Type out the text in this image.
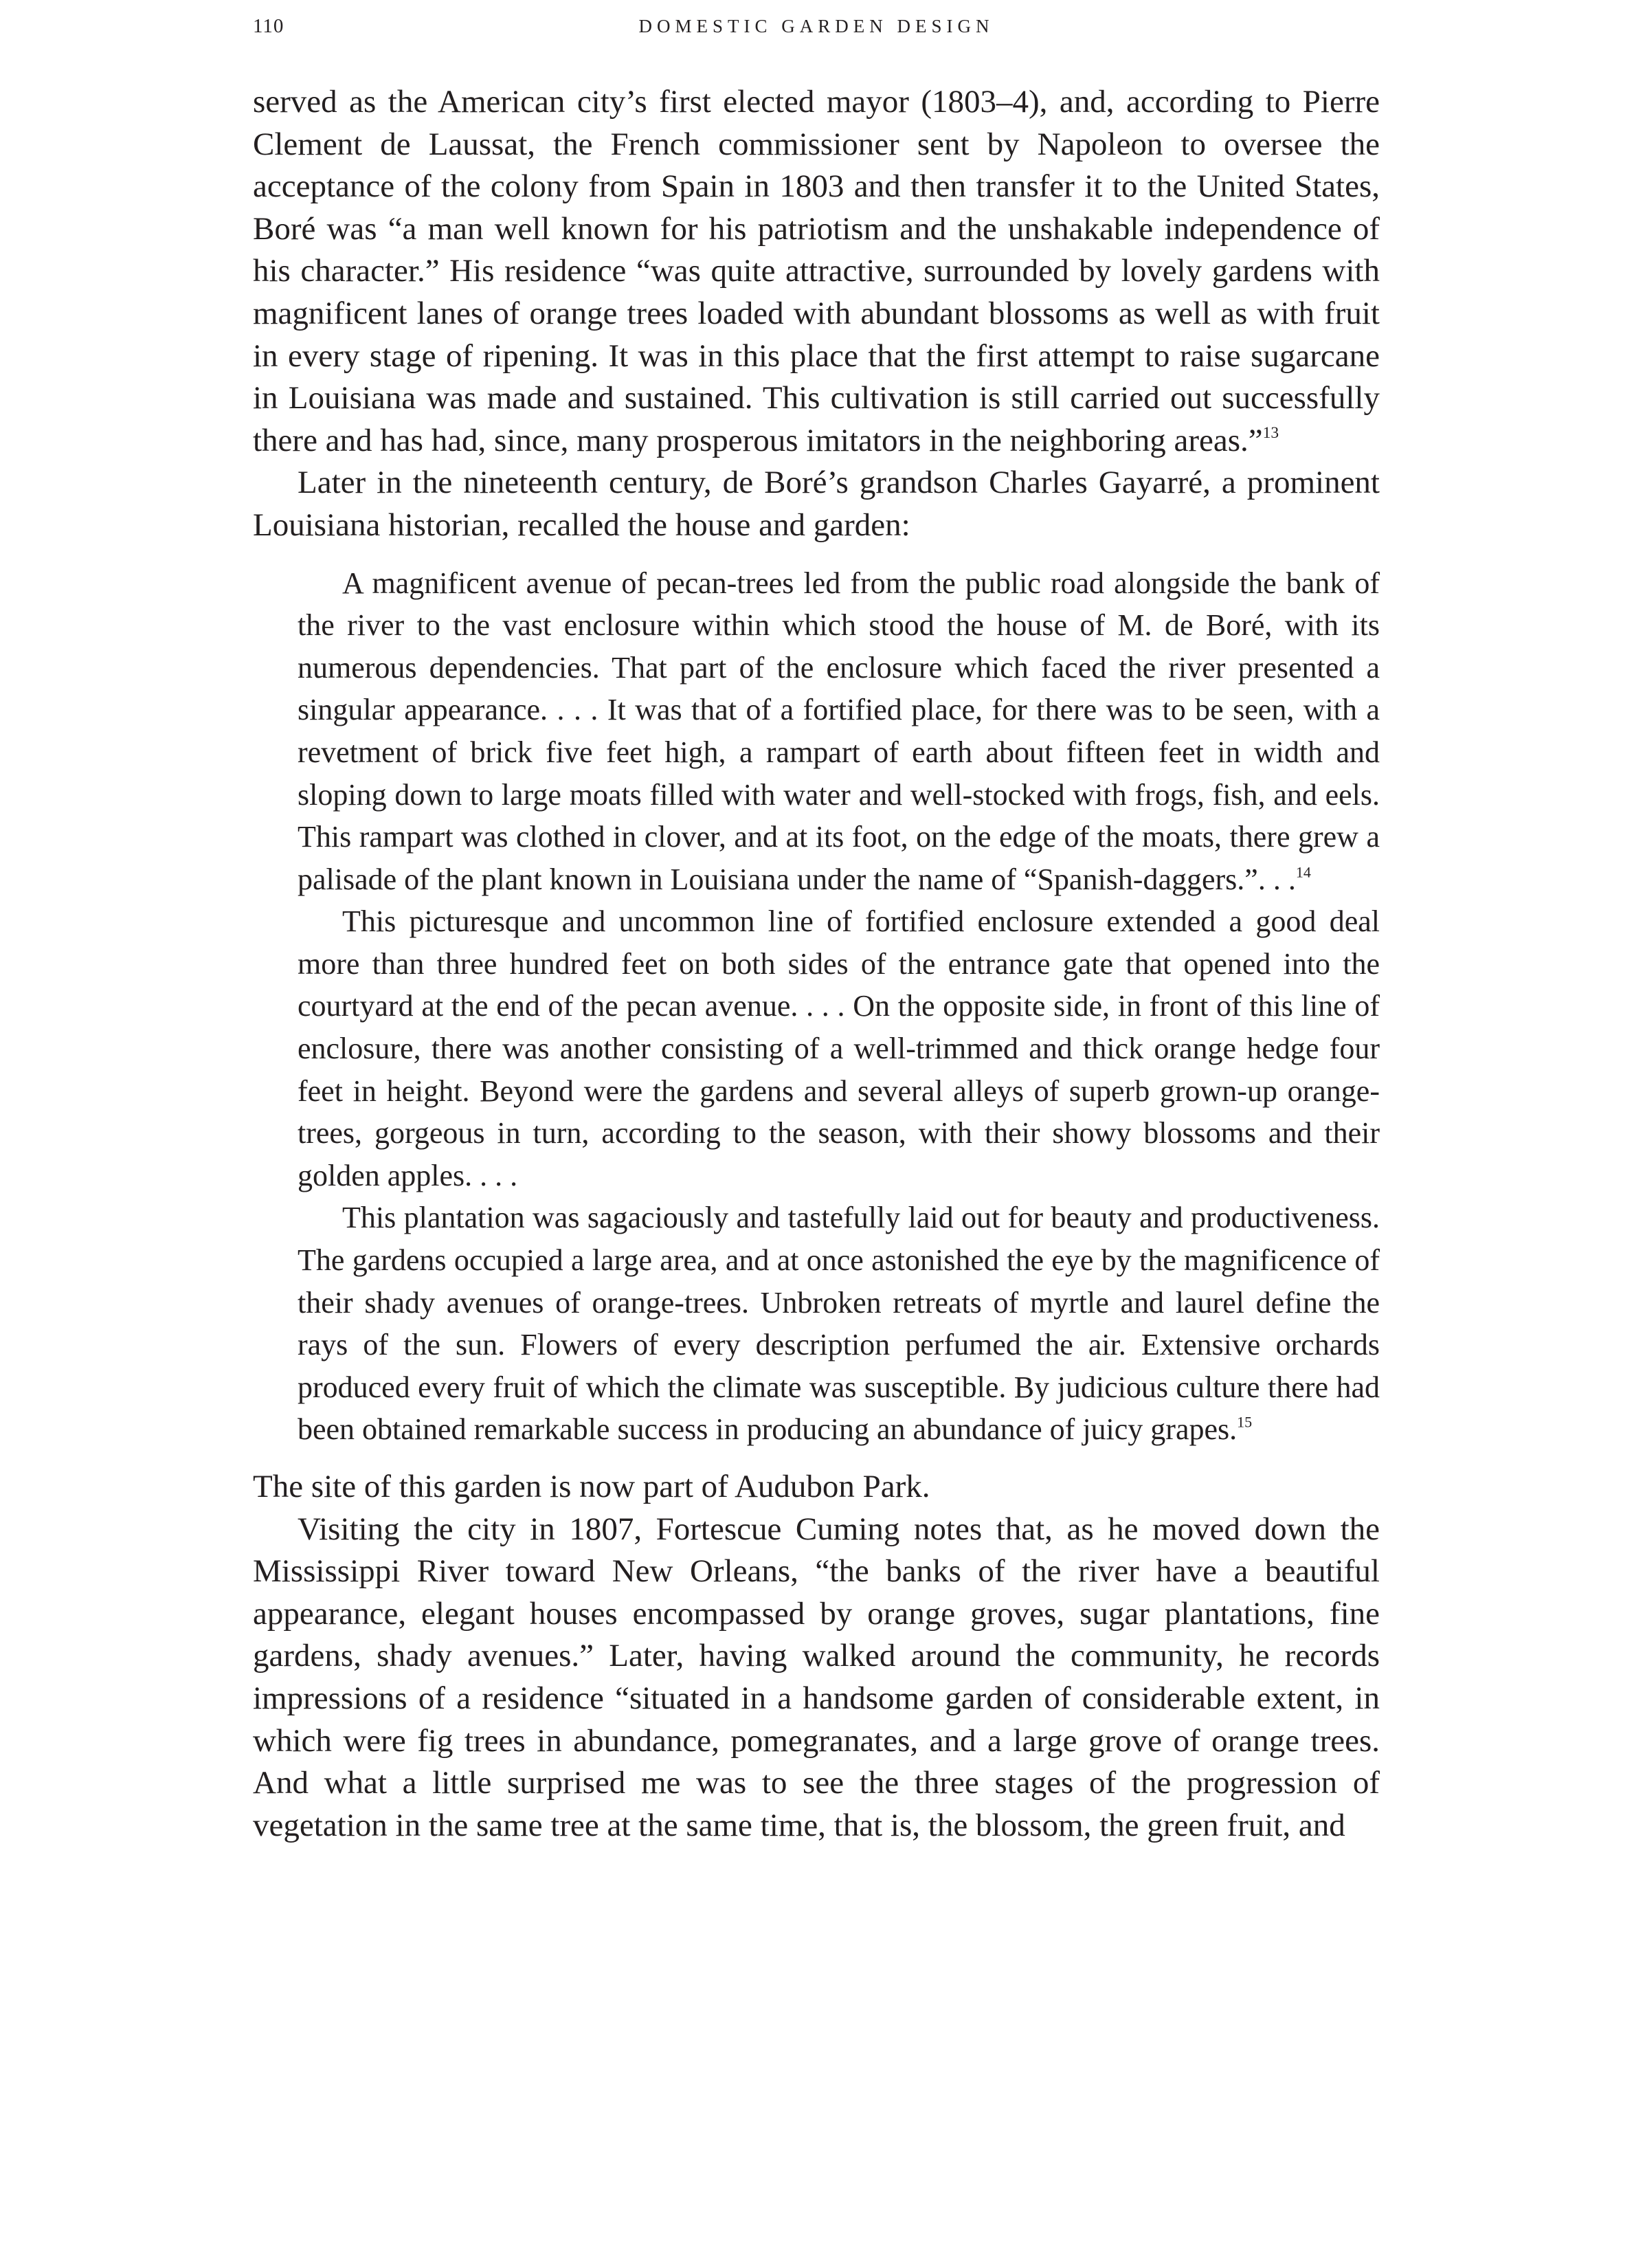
110	DOMESTIC GARDEN DESIGN

served as the American city’s first elected mayor (1803–4), and, according to Pierre Clement de Laussat, the French commissioner sent by Napoleon to oversee the acceptance of the colony from Spain in 1803 and then transfer it to the United States, Boré was “a man well known for his patriotism and the unshakable independence of his character.” His residence “was quite attractive, surrounded by lovely gardens with magnificent lanes of orange trees loaded with abundant blossoms as well as with fruit in every stage of ripening. It was in this place that the first attempt to raise sugarcane in Louisiana was made and sustained. This cultivation is still carried out successfully there and has had, since, many prosperous imitators in the neighboring areas.”$^{13}$

Later in the nineteenth century, de Boré’s grandson Charles Gayarré, a prominent Louisiana historian, recalled the house and garden:

A magnificent avenue of pecan-trees led from the public road alongside the bank of the river to the vast enclosure within which stood the house of M. de Boré, with its numerous dependencies. That part of the enclosure which faced the river presented a singular appearance. . . . It was that of a fortified place, for there was to be seen, with a revetment of brick five feet high, a rampart of earth about fifteen feet in width and sloping down to large moats filled with water and well-stocked with frogs, fish, and eels. This rampart was clothed in clover, and at its foot, on the edge of the moats, there grew a palisade of the plant known in Louisiana under the name of “Spanish-daggers.”. . .$^{14}$

This picturesque and uncommon line of fortified enclosure extended a good deal more than three hundred feet on both sides of the entrance gate that opened into the courtyard at the end of the pecan avenue. . . . On the opposite side, in front of this line of enclosure, there was another consisting of a well-trimmed and thick orange hedge four feet in height. Beyond were the gardens and several alleys of superb grown-up orange-trees, gorgeous in turn, according to the season, with their showy blossoms and their golden apples. . . .

This plantation was sagaciously and tastefully laid out for beauty and productiveness. The gardens occupied a large area, and at once astonished the eye by the magnificence of their shady avenues of orange-trees. Unbroken retreats of myrtle and laurel define the rays of the sun. Flowers of every description perfumed the air. Extensive orchards produced every fruit of which the climate was susceptible. By judicious culture there had been obtained remarkable success in producing an abundance of juicy grapes.$^{15}$

The site of this garden is now part of Audubon Park.

Visiting the city in 1807, Fortescue Cuming notes that, as he moved down the Mississippi River toward New Orleans, “the banks of the river have a beautiful appearance, elegant houses encompassed by orange groves, sugar plantations, fine gardens, shady avenues.” Later, having walked around the community, he records impressions of a residence “situated in a handsome garden of considerable extent, in which were fig trees in abundance, pomegranates, and a large grove of orange trees. And what a little surprised me was to see the three stages of the progression of vegetation in the same tree at the same time, that is, the blossom, the green fruit, and
